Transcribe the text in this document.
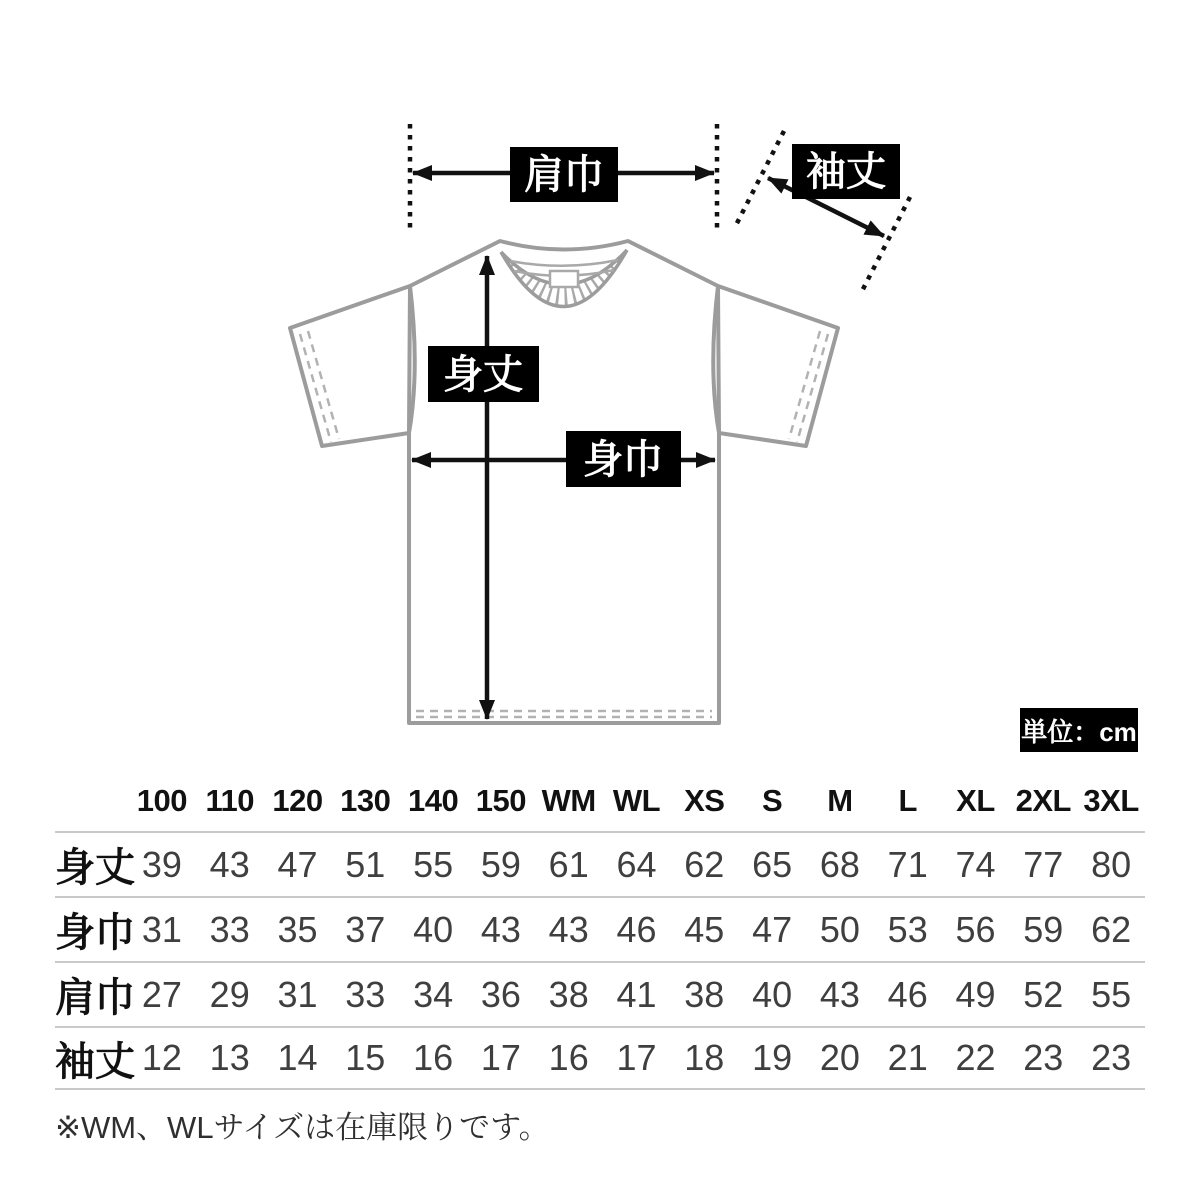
肩巾	袖丈
身丈
身巾
単位：cm
100 110 120 130 140 150 WM WL XS	S	M	L	XL 2XL 3XL
身丈 39 43 47 51 55 59 61 64 62 65 68 71 74 77 80
身巾 31 33 35 37 40 43 43 46 45 47 50 53 56 59 62
肩巾 27 29 31 33 34 36 38 41 38 40 43 46 49 52 55
袖丈 12 13 14 15 16 17 16 17 18 19 20 21 22 23 23
※WM、WLサイズは在庫限りです。
